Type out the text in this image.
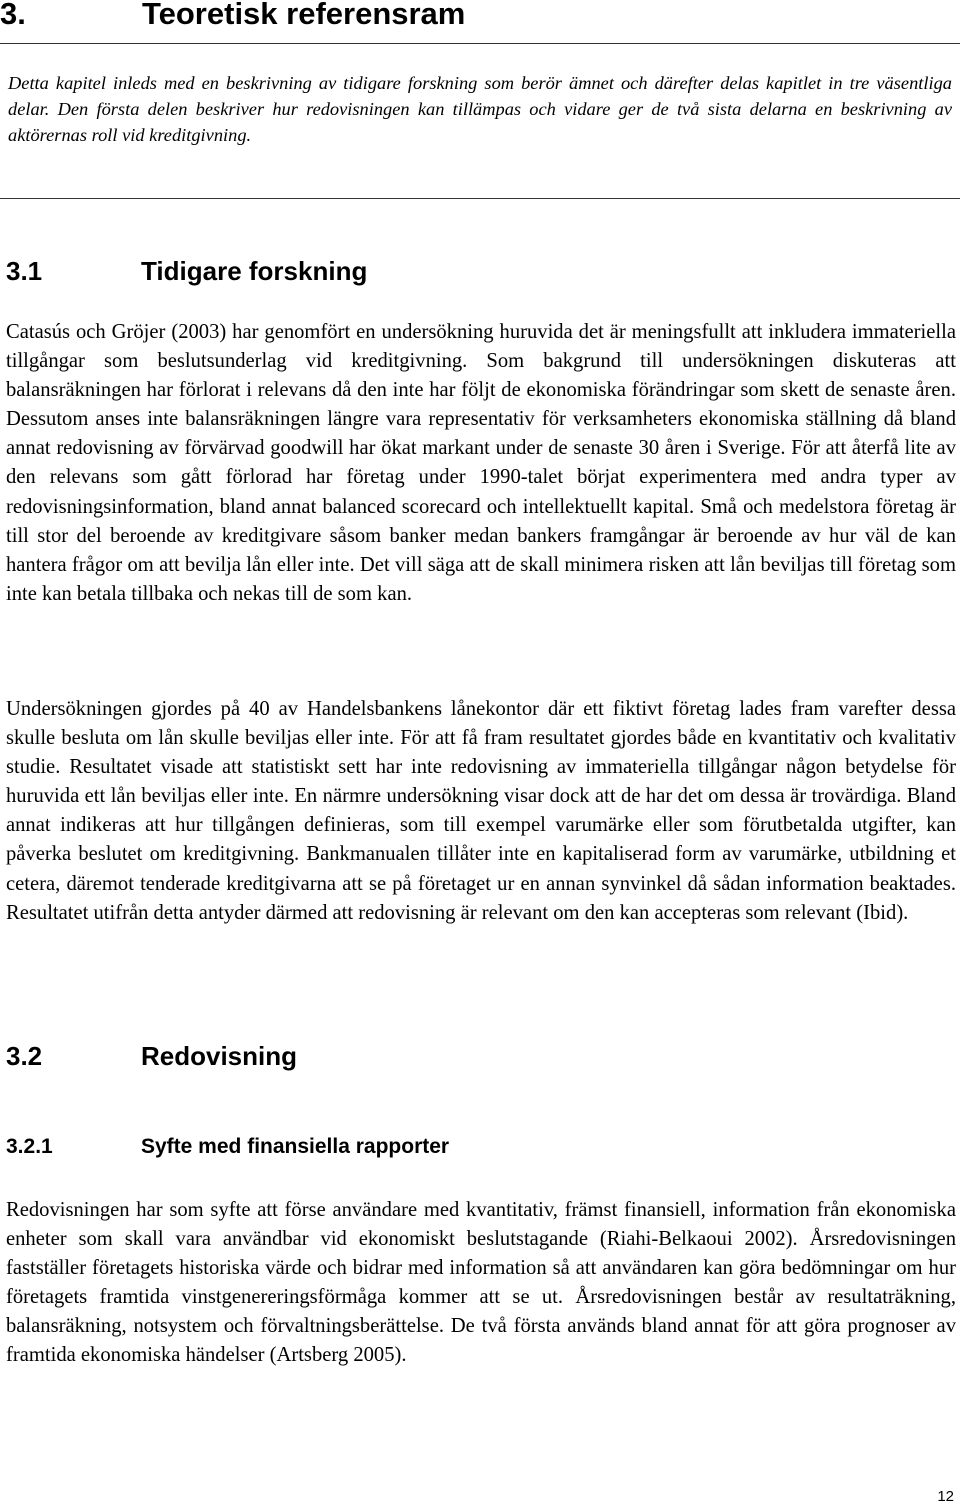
3.	Teoretisk referensram
Detta kapitel inleds med en beskrivning av tidigare forskning som berör ämnet och därefter delas kapitlet in tre väsentliga delar. Den första delen beskriver hur redovisningen kan tillämpas och vidare ger de två sista delarna en beskrivning av aktörernas roll vid kreditgivning.
3.1	Tidigare forskning
Catasús och Gröjer (2003) har genomfört en undersökning huruvida det är meningsfullt att inkludera immateriella tillgångar som beslutsunderlag vid kreditgivning. Som bakgrund till undersökningen diskuteras att balansräkningen har förlorat i relevans då den inte har följt de ekonomiska förändringar som skett de senaste åren. Dessutom anses inte balansräkningen längre vara representativ för verksamheters ekonomiska ställning då bland annat redovisning av förvärvad goodwill har ökat markant under de senaste 30 åren i Sverige. För att återfå lite av den relevans som gått förlorad har företag under 1990-talet börjat experimentera med andra typer av redovisningsinformation, bland annat balanced scorecard och intellektuellt kapital. Små och medelstora företag är till stor del beroende av kreditgivare såsom banker medan bankers framgångar är beroende av hur väl de kan hantera frågor om att bevilja lån eller inte. Det vill säga att de skall minimera risken att lån beviljas till företag som inte kan betala tillbaka och nekas till de som kan.
Undersökningen gjordes på 40 av Handelsbankens lånekontor där ett fiktivt företag lades fram varefter dessa skulle besluta om lån skulle beviljas eller inte. För att få fram resultatet gjordes både en kvantitativ och kvalitativ studie. Resultatet visade att statistiskt sett har inte redovisning av immateriella tillgångar någon betydelse för huruvida ett lån beviljas eller inte. En närmre undersökning visar dock att de har det om dessa är trovärdiga. Bland annat indikeras att hur tillgången definieras, som till exempel varumärke eller som förutbetalda utgifter, kan påverka beslutet om kreditgivning. Bankmanualen tillåter inte en kapitaliserad form av varumärke, utbildning et cetera, däremot tenderade kreditgivarna att se på företaget ur en annan synvinkel då sådan information beaktades. Resultatet utifrån detta antyder därmed att redovisning är relevant om den kan accepteras som relevant (Ibid).
3.2	Redovisning
3.2.1	Syfte med finansiella rapporter
Redovisningen har som syfte att förse användare med kvantitativ, främst finansiell, information från ekonomiska enheter som skall vara användbar vid ekonomiskt beslutstagande (Riahi-Belkaoui 2002). Årsredovisningen fastställer företagets historiska värde och bidrar med information så att användaren kan göra bedömningar om hur företagets framtida vinstgenereringsförmåga kommer att se ut. Årsredovisningen består av resultaträkning, balansräkning, notsystem och förvaltningsberättelse. De två första används bland annat för att göra prognoser av framtida ekonomiska händelser (Artsberg 2005).
12
